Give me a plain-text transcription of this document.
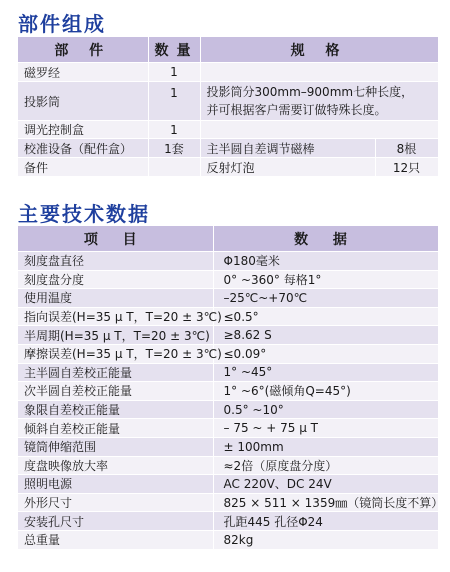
部件组成
部 件	数量	规 格	
磁罗经	1		
投影筒	1	投影筒分300mm–900mm七种长度，
并可根据客户需要订做特殊长度。	

调光控制盒	1		
校准设备（配件盒）	1套	主半圆自差调节磁棒	8根
备件		反射灯泡	12只
主要技术数据
项 目	数 据
刻度盘直径	Φ180毫米
刻度盘分度	0° ~360° 每格1°
使用温度	–25℃~+70℃
指向误差(H=35 μ T，T=20 ± 3℃)	≤0.5°
半周期(H=35 μ T，T=20 ± 3℃)	≥8.62 S
摩擦误差(H=35 μ T，T=20 ± 3℃)	≤0.09°
主半圆自差校正能量	1° ~45°
次半圆自差校正能量	1° ~6°(磁倾角Q=45°)
象限自差校正能量	0.5° ~10°
倾斜自差校正能量	– 75 ~ + 75 μ T
镜筒伸缩范围	± 100mm
度盘映像放大率	≈2倍（原度盘分度）
照明电源	AC 220V、DC 24V
外形尺寸	825 × 511 × 1359㎜（镜筒长度不算）
安装孔尺寸	孔距445 孔径Φ24
总重量	82kg
